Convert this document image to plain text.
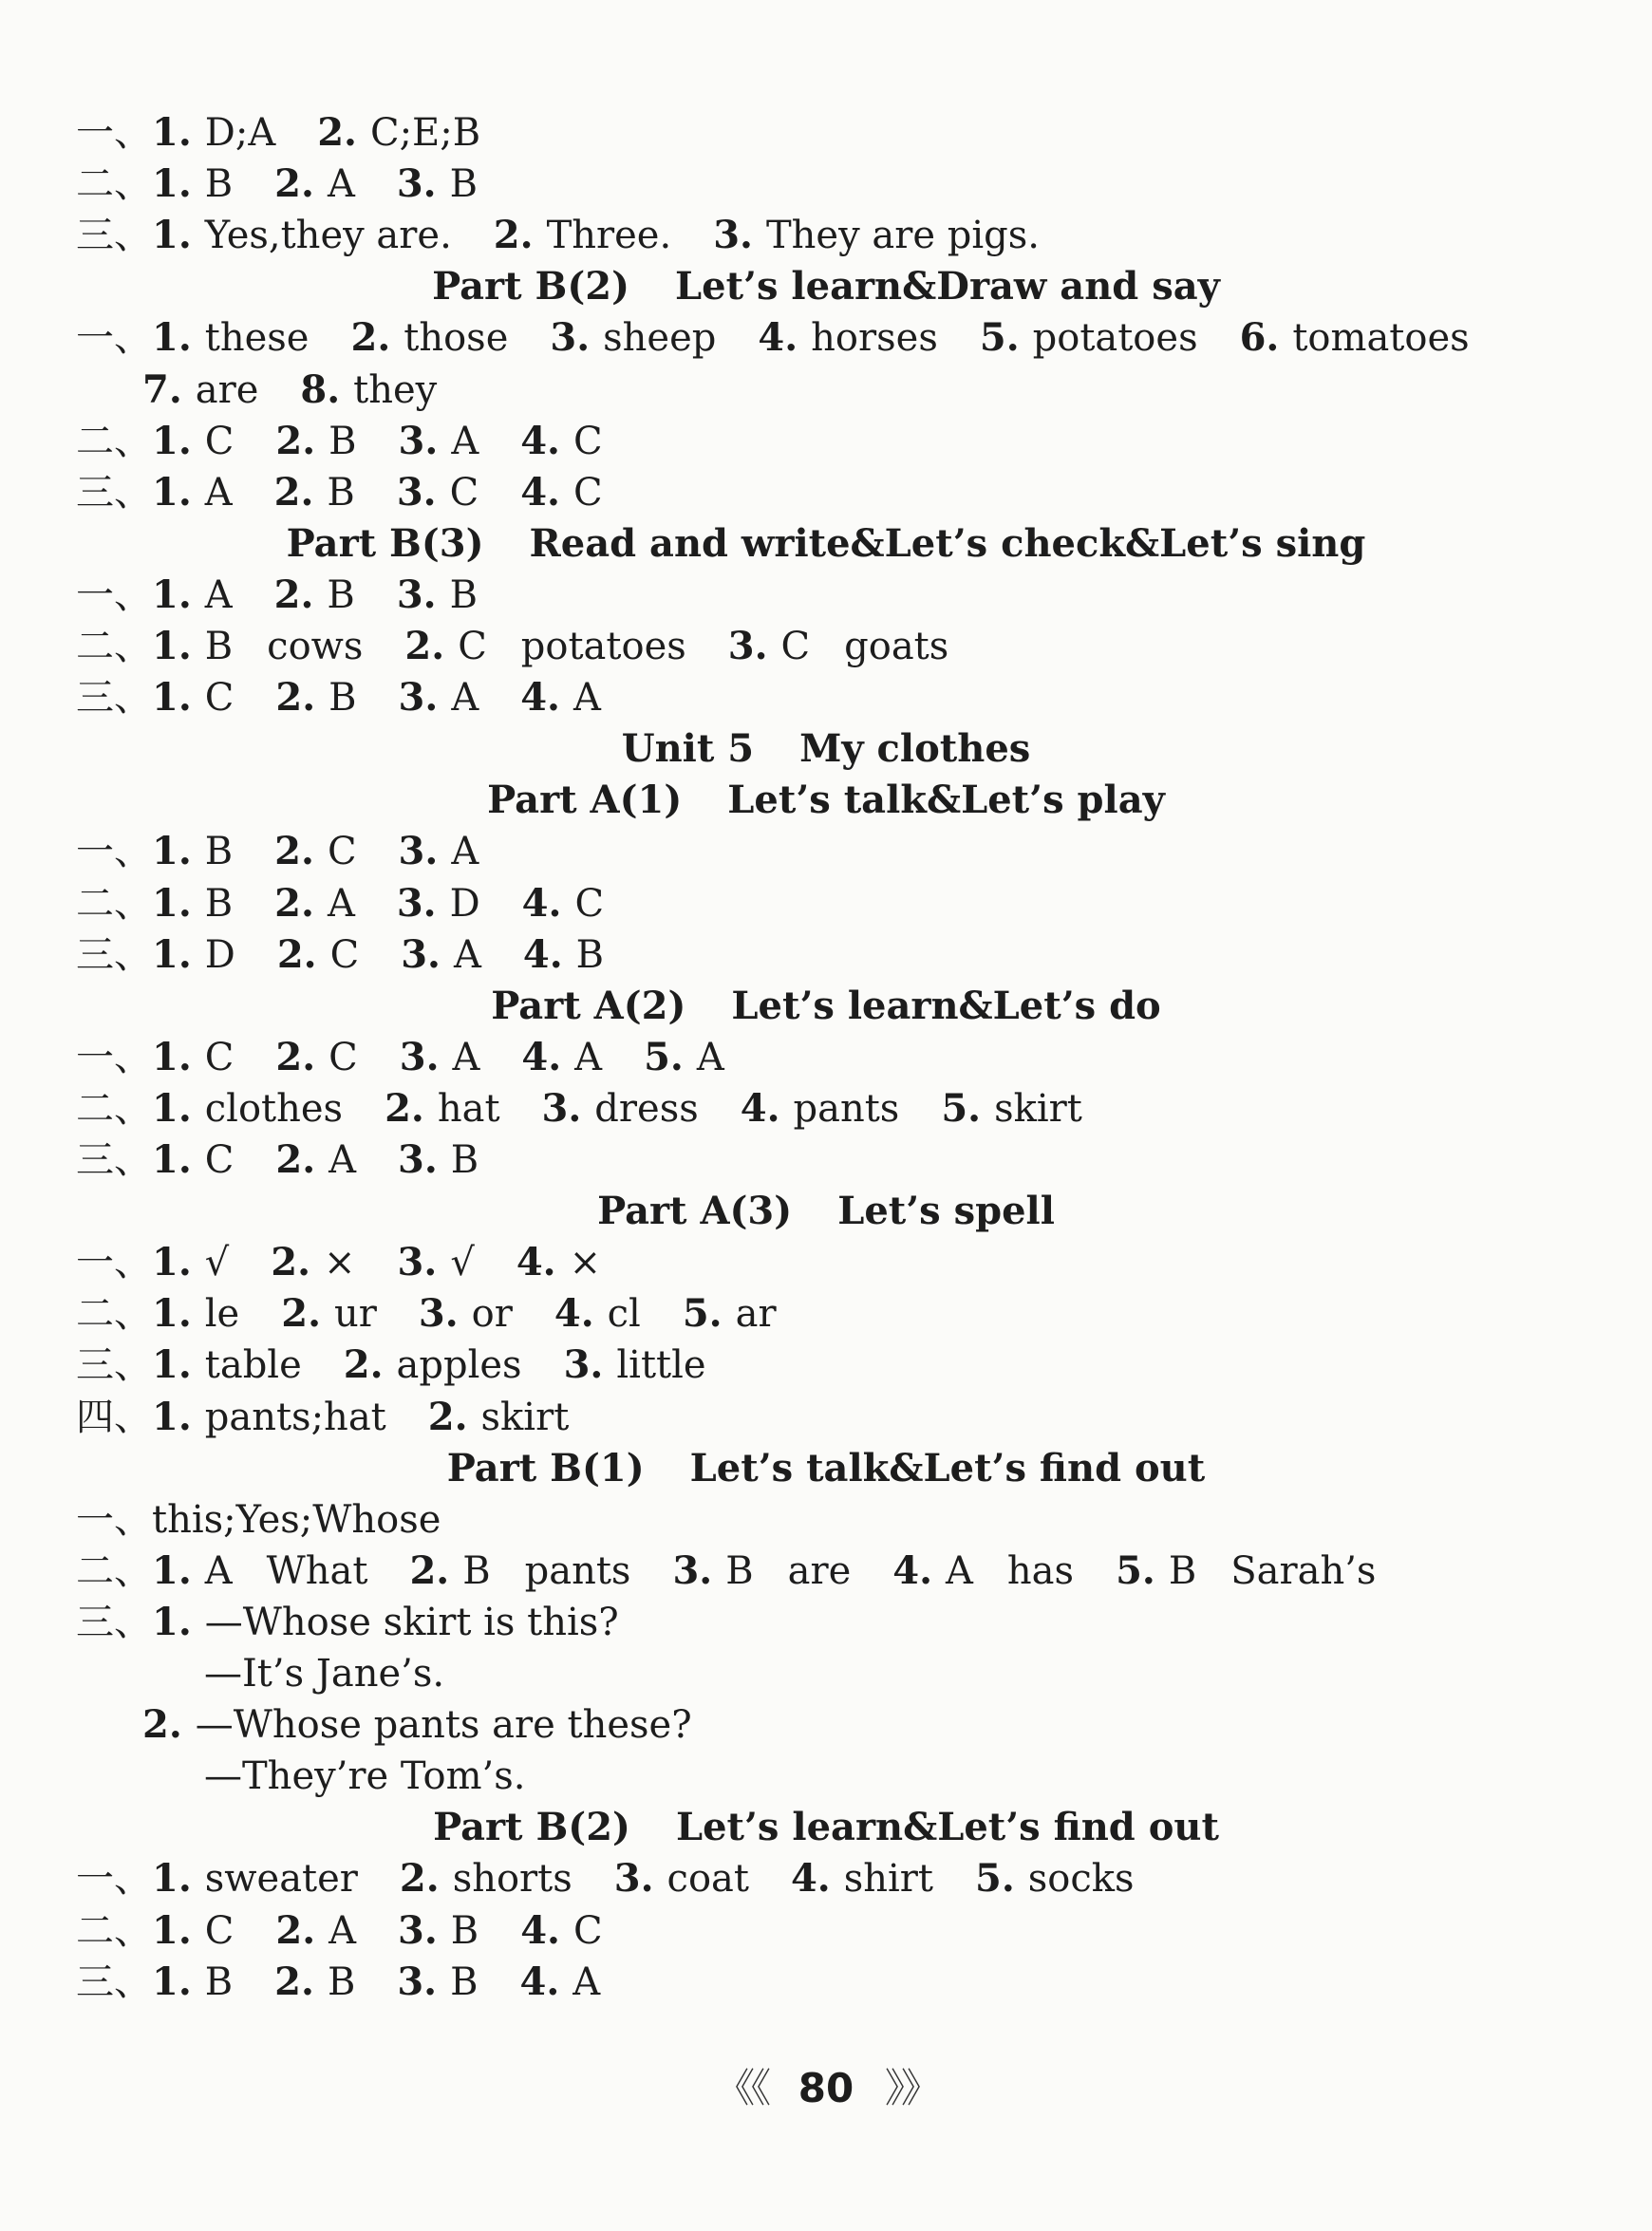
一、1. D;A 2. C;E;B
二、1. B 2. A 3. B
三、1. Yes,they are. 2. Three. 3. They are pigs.
Part B(2) Let’s learn&Draw and say
一、1. these 2. those 3. sheep 4. horses 5. potatoes 6. tomatoes
7. are 8. they
二、1. C 2. B 3. A 4. C
三、1. A 2. B 3. C 4. C
Part B(3) Read and write&Let’s check&Let’s sing
一、1. A 2. B 3. B
二、1. B cows 2. C potatoes 3. C goats
三、1. C 2. B 3. A 4. A
Unit 5 My clothes
Part A(1) Let’s talk&Let’s play
一、1. B 2. C 3. A
二、1. B 2. A 3. D 4. C
三、1. D 2. C 3. A 4. B
Part A(2) Let’s learn&Let’s do
一、1. C 2. C 3. A 4. A 5. A
二、1. clothes 2. hat 3. dress 4. pants 5. skirt
三、1. C 2. A 3. B
Part A(3) Let’s spell
一、1. √ 2. × 3. √ 4. ×
二、1. le 2. ur 3. or 4. cl 5. ar
三、1. table 2. apples 3. little
四、1. pants;hat 2. skirt
Part B(1) Let’s talk&Let’s find out
一、this;Yes;Whose
二、1. A What 2. B pants 3. B are 4. A has 5. B Sarah’s
三、1. —Whose skirt is this?
—It’s Jane’s.
2. —Whose pants are these?
—They’re Tom’s.
Part B(2) Let’s learn&Let’s find out
一、1. sweater 2. shorts 3. coat 4. shirt 5. socks
二、1. C 2. A 3. B 4. C
三、1. B 2. B 3. B 4. A
《《 80 》》
